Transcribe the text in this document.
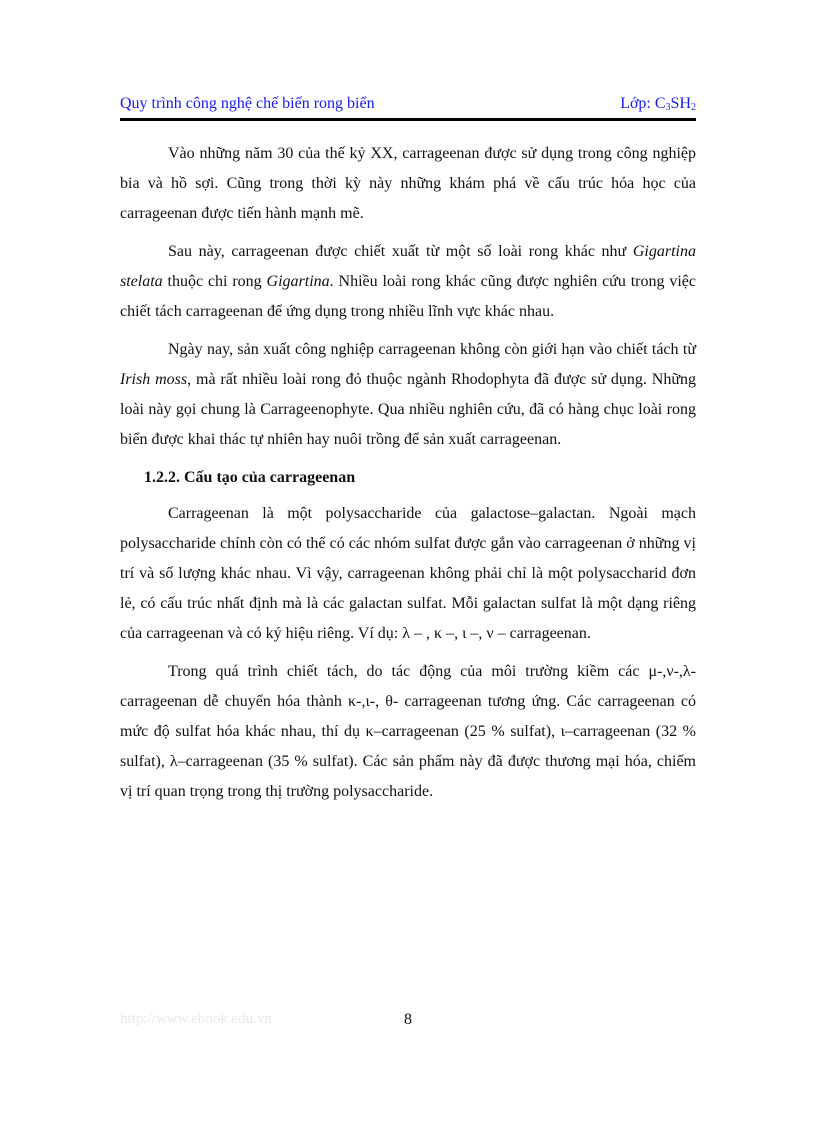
Quy trình công nghệ chế biến rong biển	Lớp: $C_3SH_2$

Vào những năm 30 của thế kỷ XX, carrageenan được sử dụng trong công nghiệp bia và hồ sợi. Cũng trong thời kỳ này những khám phá về cấu trúc hóa học của carrageenan được tiến hành mạnh mẽ.

Sau này, carrageenan được chiết xuất từ một số loài rong khác như Gigartina stelata thuộc chi rong Gigartina. Nhiều loài rong khác cũng được nghiên cứu trong việc chiết tách carrageenan để ứng dụng trong nhiều lĩnh vực khác nhau.

Ngày nay, sản xuất công nghiệp carrageenan không còn giới hạn vào chiết tách từ Irish moss, mà rất nhiều loài rong đỏ thuộc ngành Rhodophyta đã được sử dụng. Những loài này gọi chung là Carrageenophyte. Qua nhiều nghiên cứu, đã có hàng chục loài rong biển được khai thác tự nhiên hay nuôi trồng để sản xuất carrageenan.

1.2.2. Cấu tạo của carrageenan

Carrageenan là một polysaccharide của galactose–galactan. Ngoài mạch polysaccharide chính còn có thể có các nhóm sulfat được gắn vào carrageenan ở những vị trí và số lượng khác nhau. Vì vậy, carrageenan không phải chỉ là một polysaccharid đơn lẻ, có cấu trúc nhất định mà là các galactan sulfat. Mỗi galactan sulfat là một dạng riêng của carrageenan và có ký hiệu riêng. Ví dụ: λ – , κ –, ι –, ν – carrageenan.

Trong quá trình chiết tách, do tác động của môi trường kiềm các μ-,ν-,λ-carrageenan dễ chuyển hóa thành κ-,ι-, θ- carrageenan tương ứng. Các carrageenan có mức độ sulfat hóa khác nhau, thí dụ κ–carrageenan (25 % sulfat), ι–carrageenan (32 % sulfat), λ–carrageenan (35 % sulfat). Các sản phẩm này đã được thương mại hóa, chiếm vị trí quan trọng trong thị trường polysaccharide.

http://www.ebook.edu.vn	8
